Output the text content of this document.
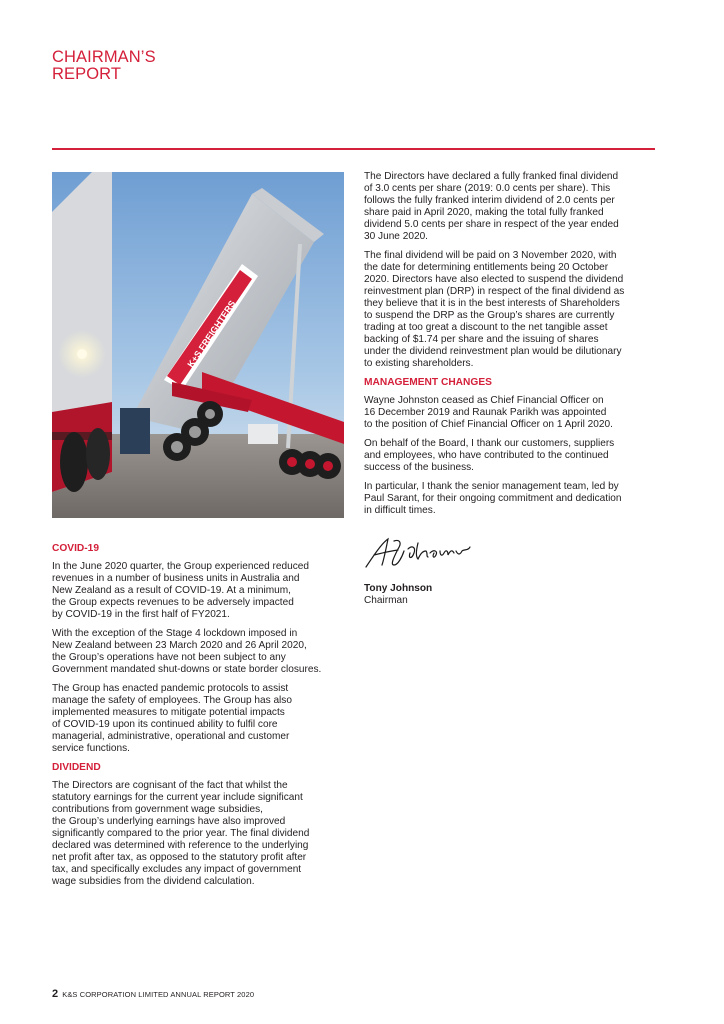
CHAIRMAN’S
REPORT
K+S FREIGHTERS
COVID-19

In the June 2020 quarter, the Group experienced reduced
revenues in a number of business units in Australia and
New Zealand as a result of COVID-19. At a minimum,
the Group expects revenues to be adversely impacted
by COVID-19 in the first half of FY2021.

With the exception of the Stage 4 lockdown imposed in
New Zealand between 23 March 2020 and 26 April 2020,
the Group’s operations have not been subject to any
Government mandated shut-downs or state border closures.

The Group has enacted pandemic protocols to assist
manage the safety of employees. The Group has also
implemented measures to mitigate potential impacts
of COVID-19 upon its continued ability to fulfil core
managerial, administrative, operational and customer
service functions.

DIVIDEND

The Directors are cognisant of the fact that whilst the
statutory earnings for the current year include significant
contributions from government wage subsidies,
the Group’s underlying earnings have also improved
significantly compared to the prior year. The final dividend
declared was determined with reference to the underlying
net profit after tax, as opposed to the statutory profit after
tax, and specifically excludes any impact of government
wage subsidies from the dividend calculation.

The Directors have declared a fully franked final dividend
of 3.0 cents per share (2019: 0.0 cents per share). This
follows the fully franked interim dividend of 2.0 cents per
share paid in April 2020, making the total fully franked
dividend 5.0 cents per share in respect of the year ended
30 June 2020.

The final dividend will be paid on 3 November 2020, with
the date for determining entitlements being 20 October
2020. Directors have also elected to suspend the dividend
reinvestment plan (DRP) in respect of the final dividend as
they believe that it is in the best interests of Shareholders
to suspend the DRP as the Group’s shares are currently
trading at too great a discount to the net tangible asset
backing of $1.74 per share and the issuing of shares
under the dividend reinvestment plan would be dilutionary
to existing shareholders.

MANAGEMENT CHANGES

Wayne Johnston ceased as Chief Financial Officer on
16 December 2019 and Raunak Parikh was appointed
to the position of Chief Financial Officer on 1 April 2020.

On behalf of the Board, I thank our customers, suppliers
and employees, who have contributed to the continued
success of the business.

In particular, I thank the senior management team, led by
Paul Sarant, for their ongoing commitment and dedication
in difficult times.

Tony Johnson
Chairman
2 K&S CORPORATION LIMITED ANNUAL REPORT 2020
